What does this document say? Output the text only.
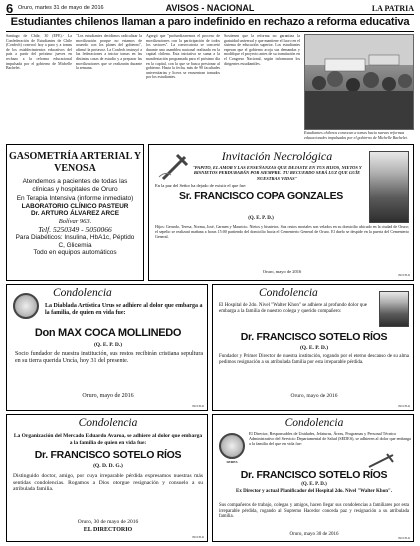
6 Oruro, martes 31 de mayo de 2016	AVISOS - NACIONAL	LA PATRIA
Estudiantes chilenos llaman a paro indefinido en rechazo a reforma educativa
Santiago de Chile, 30 (EFE).- La Confederación de Estudiantes de Chile (Confech) convocó hoy a paro y a tomas de los establecimientos educativos del país a partir del próximo jueves en rechazo a la reforma educacional impulsada por el gobierno de Michelle Bachelet.
"Los estudiantes decidimos radicalizar la movilización porque no estamos de acuerdo con los planes del gobierno", afirmó la portavoz. La Confech instruyó a las federaciones a iniciar tomas en las distintas casas de estudio y a preparar las movilizaciones que se realizarán durante la semana.
Agregó que "profundizaremos el proceso de movilizaciones con la participación de todos los sectores". La convocatoria se concretó durante una asamblea nacional realizada en la capital chilena. Esta iniciativa se suma a la manifestación programada para el próximo día en la capital, con la que se busca presionar al gobierno. Hasta la fecha, más de 90 facultades universitarias y liceos se encuentran tomados por los estudiantes.
Sostienen que la reforma no garantiza la gratuidad universal y que mantiene el lucro en el sistema de educación superior. Los estudiantes esperan que el gobierno acoja sus demandas y modifique el proyecto antes de su tramitación en el Congreso Nacional, según informaron los dirigentes estudiantiles.
Estudiantes chilenos convocan a tomas hacia nuevas reformas educacionales impulsadas por el gobierno de Michelle Bachelet.
GASOMETRÍA ARTERIAL Y VENOSA
Atendemos a pacientes de todas las clínicas y hospitales de Oruro
En Terapia Intensiva (informe inmediato)
LABORATORIO CLÍNICO PASTEUR
Dr. ARTURO ÁLVAREZ ARCE
Bolívar 963.
Telf. 5250349 - 5050066
Para Diabéticos: Insulina, HbA1c, Péptido C, Glicemia
Todo en equipos automáticos
Invitación Necrológica
"PAPITO, EL AMOR Y LAS ENSEÑANZAS QUE DEJASTE EN TUS HIJOS, NIETOS Y BISNIETOS PERDURARÁN POR SIEMPRE. TU RECUERDO SERÁ LUZ QUE GUÍE NUESTRAS VIDAS"
En la paz del Señor ha dejado de existir el que fue:
Sr. FRANCISCO COPA GONZALES
(Q. E. P. D.)
Hijos: Gerardo, Teresa, Norma, José, Carmen y Mauricio. Nietos y bisnietos. Sus restos mortales son velados en su domicilio ubicado en la ciudad de Oruro; el sepelio se realizará mañana a horas 15:00 partiendo del domicilio hacia el Cementerio General de Oruro. El duelo se despide en la puerta del Cementerio General.
Oruro, mayo de 2016
0910/B-R
Condolencia
La Diablada Artística Urus se adhiere al dolor que embarga a la familia, de quien en vida fue:
Don MAX COCA MOLLINEDO
(Q. E. P. D.)
Socio fundador de nuestra institución, sus restos recibirán cristiana sepultura en su tierra querida Uncía, hoy 31 del presente.
Oruro, mayo de 2016
0910/B-R
Condolencia
El Hospital de 2do. Nivel "Walter Khon" se adhiere al profundo dolor que embarga a la familia de nuestro colega y querido compañero:
Dr. FRANCISCO SOTELO RÍOS
(Q. E. P. D.)
Fundador y Primer Director de nuestra institución, rogando por el eterno descanso de su alma pedimos resignación a su atribulada familia por esta irreparable pérdida.
Oruro, mayo de 2016
0910/B-R
Condolencia
La Organización del Mercado Eduardo Avaroa, se adhiere al dolor que embarga a la familia de quien en vida fue:
Dr. FRANCISCO SOTELO RÍOS
(Q. D. D. G.)
Distinguido doctor, amigo, por cuya irreparable pérdida expresamos nuestras más sentidas condolencias. Rogamos a Dios otorgue resignación y consuelo a su atribulada familia.
Oruro, 30 de mayo de 2016
EL DIRECTORIO
0910/B-R
Condolencia
SEDES
El Director, Responsables de Unidades, Jefaturas, Áreas, Programas y Personal Técnico Administrativo del Servicio Departamental de Salud (SEDES), se adhieren al dolor que embarga a la familia del que en vida fue:
Dr. FRANCISCO SOTELO RÍOS
(Q. E. P. D.)
Ex Director y actual Planificador del Hospital 2do. Nivel "Walter Khon".
Sus compañeros de trabajo, colegas y amigos, hacen llegar sus condolencias a familiares por esta irreparable pérdida, rogando al Supremo Hacedor conceda paz y resignación a su atribulada familia.
Oruro, mayo 30 de 2016
0910/B-R
